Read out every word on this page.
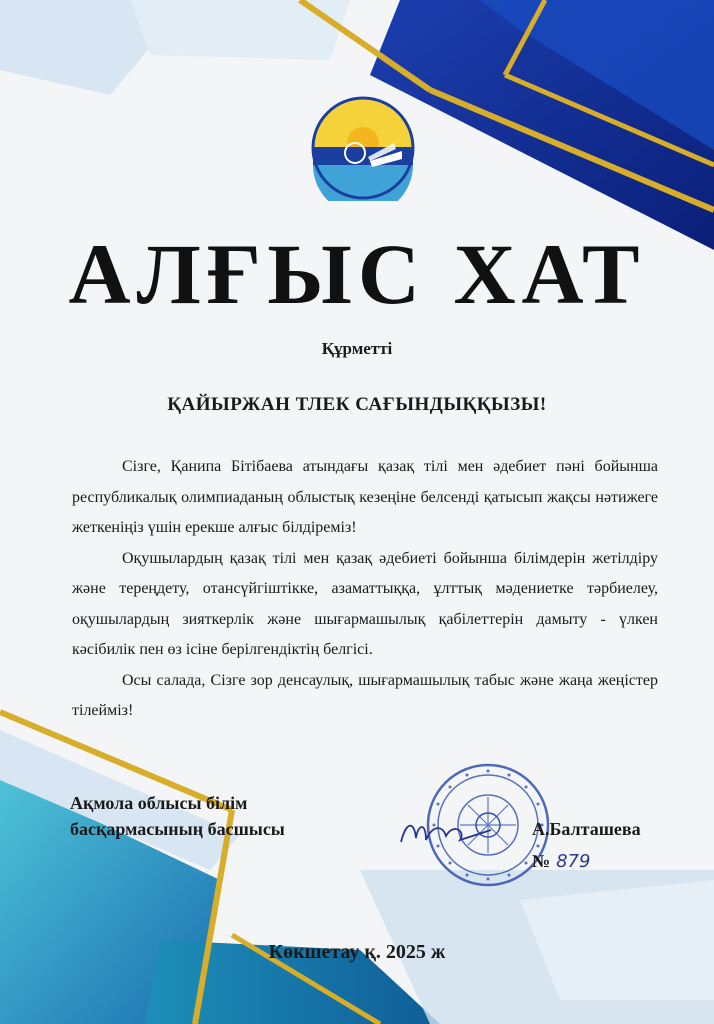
АЛҒЫС ХАТ
Құрметті
ҚАЙЫРЖАН ТЛЕК САҒЫНДЫҚҚЫЗЫ!

Сізге, Қанипа Бітібаева атындағы қазақ тілі мен әдебиет пәні бойынша республикалық олимпиаданың облыстық кезеңіне белсенді қатысып жақсы нәтижеге жеткеніңіз үшін ерекше алғыс білдіреміз!

Оқушылардың қазақ тілі мен қазақ әдебиеті бойынша білімдерін жетілдіру және тереңдету, отансүйгіштікке, азаматтыққа, ұлттық мәдениетке тәрбиелеу, оқушылардың зияткерлік және шығармашылық қабілеттерін дамыту - үлкен кәсібилік пен өз ісіне берілгендіктің белгісі.

Осы салада, Сізге зор денсаулық, шығармашылық табыс және жаңа жеңістер тілейміз!

Ақмола облысы білім
басқармасының басшысы	А.Балташева
№ 879
Көкшетау қ. 2025 ж
